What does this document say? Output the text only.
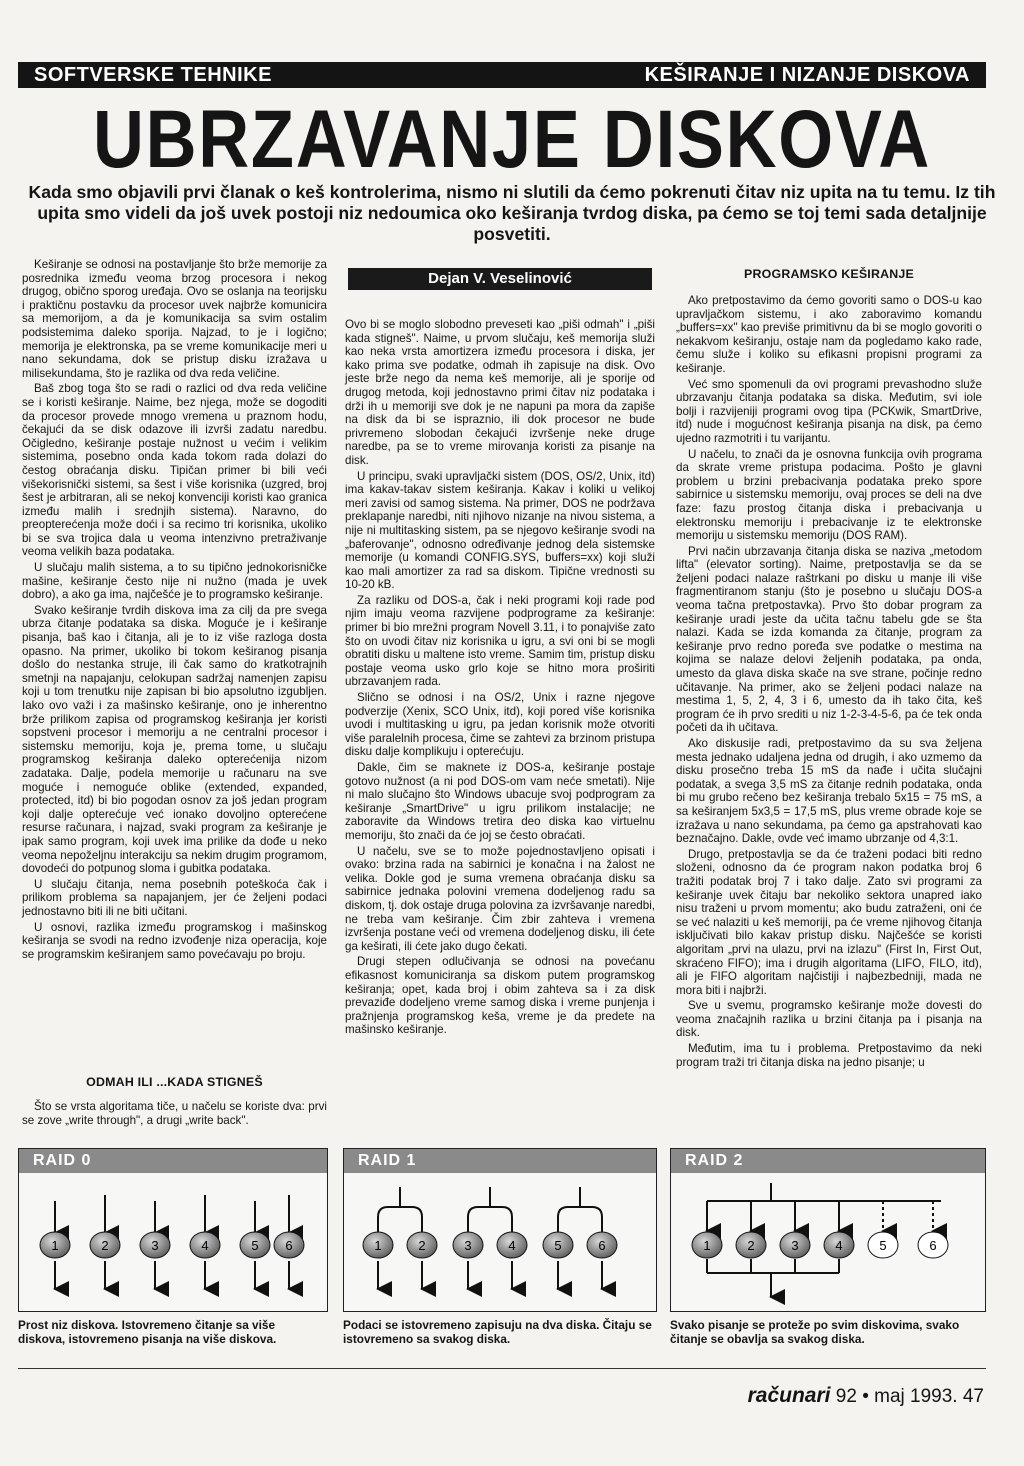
SOFTVERSKE TEHNIKE	KEŠIRANJE I NIZANJE DISKOVA
UBRZAVANJE DISKOVA
Kada smo objavili prvi članak o keš kontrolerima, nismo ni slutili da ćemo pokrenuti čitav niz upita na tu temu. Iz tih upita smo videli da još uvek postoji niz nedoumica oko keširanja tvrdog diska, pa ćemo se toj temi sada detaljnije posvetiti.

Keširanje se odnosi na postavljanje što brže memorije za posrednika između veoma brzog procesora i nekog drugog, obično sporog uređaja. Ovo se oslanja na teorijsku i praktičnu postavku da procesor uvek najbrže komunicira sa memorijom, a da je komunikacija sa svim ostalim podsistemima daleko sporija. Najzad, to je i logično; memorija je elektronska, pa se vreme komunikacije meri u nano sekundama, dok se pristup disku izražava u milisekundama, što je razlika od dva reda veličine.

Baš zbog toga što se radi o razlici od dva reda veličine se i koristi keširanje. Naime, bez njega, može se dogoditi da procesor provede mnogo vremena u praznom hodu, čekajući da se disk odazove ili izvrši zadatu naredbu. Očigledno, keširanje postaje nužnost u većim i velikim sistemima, posebno onda kada tokom rada dolazi do čestog obraćanja disku. Tipičan primer bi bili veći višekorisnički sistemi, sa šest i više korisnika (uzgred, broj šest je arbitraran, ali se nekoj konvenciji koristi kao granica između malih i srednjih sistema). Naravno, do preopterećenja može doći i sa recimo tri korisnika, ukoliko bi se sva trojica dala u veoma intenzivno pretraživanje veoma velikih baza podataka.

U slučaju malih sistema, a to su tipično jednokorisničke mašine, keširanje često nije ni nužno (mada je uvek dobro), a ako ga ima, najčešće je to programsko keširanje.

Svako keširanje tvrdih diskova ima za cilj da pre svega ubrza čitanje podataka sa diska. Moguće je i keširanje pisanja, baš kao i čitanja, ali je to iz više razloga dosta opasno. Na primer, ukoliko bi tokom keširanog pisanja došlo do nestanka struje, ili čak samo do kratkotrajnih smetnji na napajanju, celokupan sadržaj namenjen zapisu koji u tom trenutku nije zapisan bi bio apsolutno izgubljen. Iako ovo važi i za mašinsko keširanje, ono je inherentno brže prilikom zapisa od programskog keširanja jer koristi sopstveni procesor i memoriju a ne centralni procesor i sistemsku memoriju, koja je, prema tome, u slučaju programskog keširanja daleko opterećenija nizom zadataka. Dalje, podela memorije u računaru na sve moguće i nemoguće oblike (extended, expanded, protected, itd) bi bio pogodan osnov za još jedan program koji dalje opterećuje već ionako dovoljno opterećene resurse računara, i najzad, svaki program za keširanje je ipak samo program, koji uvek ima prilike da dođe u neko veoma nepoželjnu interakciju sa nekim drugim programom, dovodeći do potpunog sloma i gubitka podataka.

U slučaju čitanja, nema posebnih poteškoća čak i prilikom problema sa napajanjem, jer će željeni podaci jednostavno biti ili ne biti učitani.

U osnovi, razlika između programskog i mašinskog keširanja se svodi na redno izvođenje niza operacija, koje se programskim keširanjem samo povećavaju po broju.

ODMAH ILI ...KADA STIGNEŠ

Što se vrsta algoritama tiče, u načelu se koriste dva: prvi se zove „write through", a drugi „write back".

Dejan V. Veselinović

Ovo bi se moglo slobodno preveseti kao „piši odmah" i „piši kada stigneš". Naime, u prvom slučaju, keš memorija služi kao neka vrsta amortizera između procesora i diska, jer kako prima sve podatke, odmah ih zapisuje na disk. Ovo jeste brže nego da nema keš memorije, ali je sporije od drugog metoda, koji jednostavno primi čitav niz podataka i drži ih u memoriji sve dok je ne napuni pa mora da zapiše na disk da bi se ispraznio, ili dok procesor ne bude privremeno slobodan čekajući izvršenje neke druge naredbe, pa se to vreme mirovanja koristi za pisanje na disk.

U principu, svaki upravljački sistem (DOS, OS/2, Unix, itd) ima kakav-takav sistem keširanja. Kakav i koliki u velikoj meri zavisi od samog sistema. Na primer, DOS ne podržava preklapanje naredbi, niti njihovo nizanje na nivou sistema, a nije ni multitasking sistem, pa se njegovo keširanje svodi na „baferovanje", odnosno određivanje jednog dela sistemske memorije (u komandi CONFIG.SYS, buffers=xx) koji služi kao mali amortizer za rad sa diskom. Tipične vrednosti su 10-20 kB.

Za razliku od DOS-a, čak i neki programi koji rade pod njim imaju veoma razvijene podprograme za keširanje: primer bi bio mrežni program Novell 3.11, i to ponajviše zato što on uvodi čitav niz korisnika u igru, a svi oni bi se mogli obratiti disku u maltene isto vreme. Samim tim, pristup disku postaje veoma usko grlo koje se hitno mora proširiti ubrzavanjem rada.

Slično se odnosi i na OS/2, Unix i razne njegove podverzije (Xenix, SCO Unix, itd), koji pored više korisnika uvodi i multitasking u igru, pa jedan korisnik može otvoriti više paralelnih procesa, čime se zahtevi za brzinom pristupa disku dalje komplikuju i opterećuju.

Dakle, čim se maknete iz DOS-a, keširanje postaje gotovo nužnost (a ni pod DOS-om vam neće smetati). Nije ni malo slučajno što Windows ubacuje svoj podprogram za keširanje „SmartDrive" u igru prilikom instalacije; ne zaboravite da Windows tretira deo diska kao virtuelnu memoriju, što znači da će joj se često obraćati.

U načelu, sve se to može pojednostavljeno opisati i ovako: brzina rada na sabirnici je konačna i na žalost ne velika. Dokle god je suma vremena obraćanja disku sa sabirnice jednaka polovini vremena dodeljenog radu sa diskom, tj. dok ostaje druga polovina za izvršavanje naredbi, ne treba vam keširanje. Čim zbir zahteva i vremena izvršenja postane veći od vremena dodeljenog disku, ili ćete ga keširati, ili ćete jako dugo čekati.

Drugi stepen odlučivanja se odnosi na povećanu efikasnost komuniciranja sa diskom putem programskog keširanja; opet, kada broj i obim zahteva sa i za disk prevaziđe dodeljeno vreme samog diska i vreme punjenja i pražnjenja programskog keša, vreme je da predete na mašinsko keširanje.

PROGRAMSKO KEŠIRANJE

Ako pretpostavimo da ćemo govoriti samo o DOS-u kao upravljačkom sistemu, i ako zaboravimo komandu „buffers=xx" kao previše primitivnu da bi se moglo govoriti o nekakvom keširanju, ostaje nam da pogledamo kako rade, čemu služe i koliko su efikasni propisni programi za keširanje.

Već smo spomenuli da ovi programi prevashodno služe ubrzavanju čitanja podataka sa diska. Međutim, svi iole bolji i razvijeniji programi ovog tipa (PCKwik, SmartDrive, itd) nude i mogućnost keširanja pisanja na disk, pa ćemo ujedno razmotriti i tu varijantu.

U načelu, to znači da je osnovna funkcija ovih programa da skrate vreme pristupa podacima. Pošto je glavni problem u brzini prebacivanja podataka preko spore sabirnice u sistemsku memoriju, ovaj proces se deli na dve faze: fazu prostog čitanja diska i prebacivanja u elektronsku memoriju i prebacivanje iz te elektronske memoriju u sistemsku memoriju (DOS RAM).

Prvi način ubrzavanja čitanja diska se naziva „metodom lifta" (elevator sorting). Naime, pretpostavlja se da se željeni podaci nalaze raštrkani po disku u manje ili više fragmentiranom stanju (što je posebno u slučaju DOS-a veoma tačna pretpostavka). Prvo što dobar program za keširanje uradi jeste da učita tačnu tabelu gde se šta nalazi. Kada se izda komanda za čitanje, program za keširanje prvo redno poređa sve podatke o mestima na kojima se nalaze delovi željenih podataka, pa onda, umesto da glava diska skače na sve strane, počinje redno učitavanje. Na primer, ako se željeni podaci nalaze na mestima 1, 5, 2, 4, 3 i 6, umesto da ih tako čita, keš program će ih prvo srediti u niz 1-2-3-4-5-6, pa će tek onda početi da ih učitava.

Ako diskusije radi, pretpostavimo da su sva željena mesta jednako udaljena jedna od drugih, i ako uzmemo da disku prosečno treba 15 mS da nađe i učita slučajni podatak, a svega 3,5 mS za čitanje rednih podataka, onda bi mu grubo rečeno bez keširanja trebalo 5x15 = 75 mS, a sa keširanjem 5x3,5 = 17,5 mS, plus vreme obrade koje se izražava u nano sekundama, pa ćemo ga apstrahovati kao beznačajno. Dakle, ovde već imamo ubrzanje od 4,3:1.

Drugo, pretpostavlja se da će traženi podaci biti redno složeni, odnosno da će program nakon podatka broj 6 tražiti podatak broj 7 i tako dalje. Zato svi programi za keširanje uvek čitaju bar nekoliko sektora unapred iako nisu traženi u prvom momentu; ako budu zatraženi, oni će se već nalaziti u keš memoriji, pa će vreme njihovog čitanja isključivati bilo kakav pristup disku. Najčešće se koristi algoritam „prvi na ulazu, prvi na izlazu" (First In, First Out, skraćeno FIFO); ima i drugih algoritama (LIFO, FILO, itd), ali je FIFO algoritam najčistiji i najbezbedniji, mada ne mora biti i najbrži.

Sve u svemu, programsko keširanje može dovesti do veoma značajnih razlika u brzini čitanja pa i pisanja na disk.

Međutim, ima tu i problema. Pretpostavimo da neki program traži tri čitanja diska na jedno pisanje; u

RAID 0
1	2	3	4	5 6
RAID 1
1	2	3	4	5	6
RAID 2
1	2	3	4	5	6
Prost niz diskova. Istovremeno čitanje sa više diskova, istovremeno pisanja na više diskova.
Podaci se istovremeno zapisuju na dva diska. Čitaju se istovremeno sa svakog diska.
Svako pisanje se proteže po svim diskovima, svako čitanje se obavlja sa svakog diska.
računari 92 • maj 1993. 47
